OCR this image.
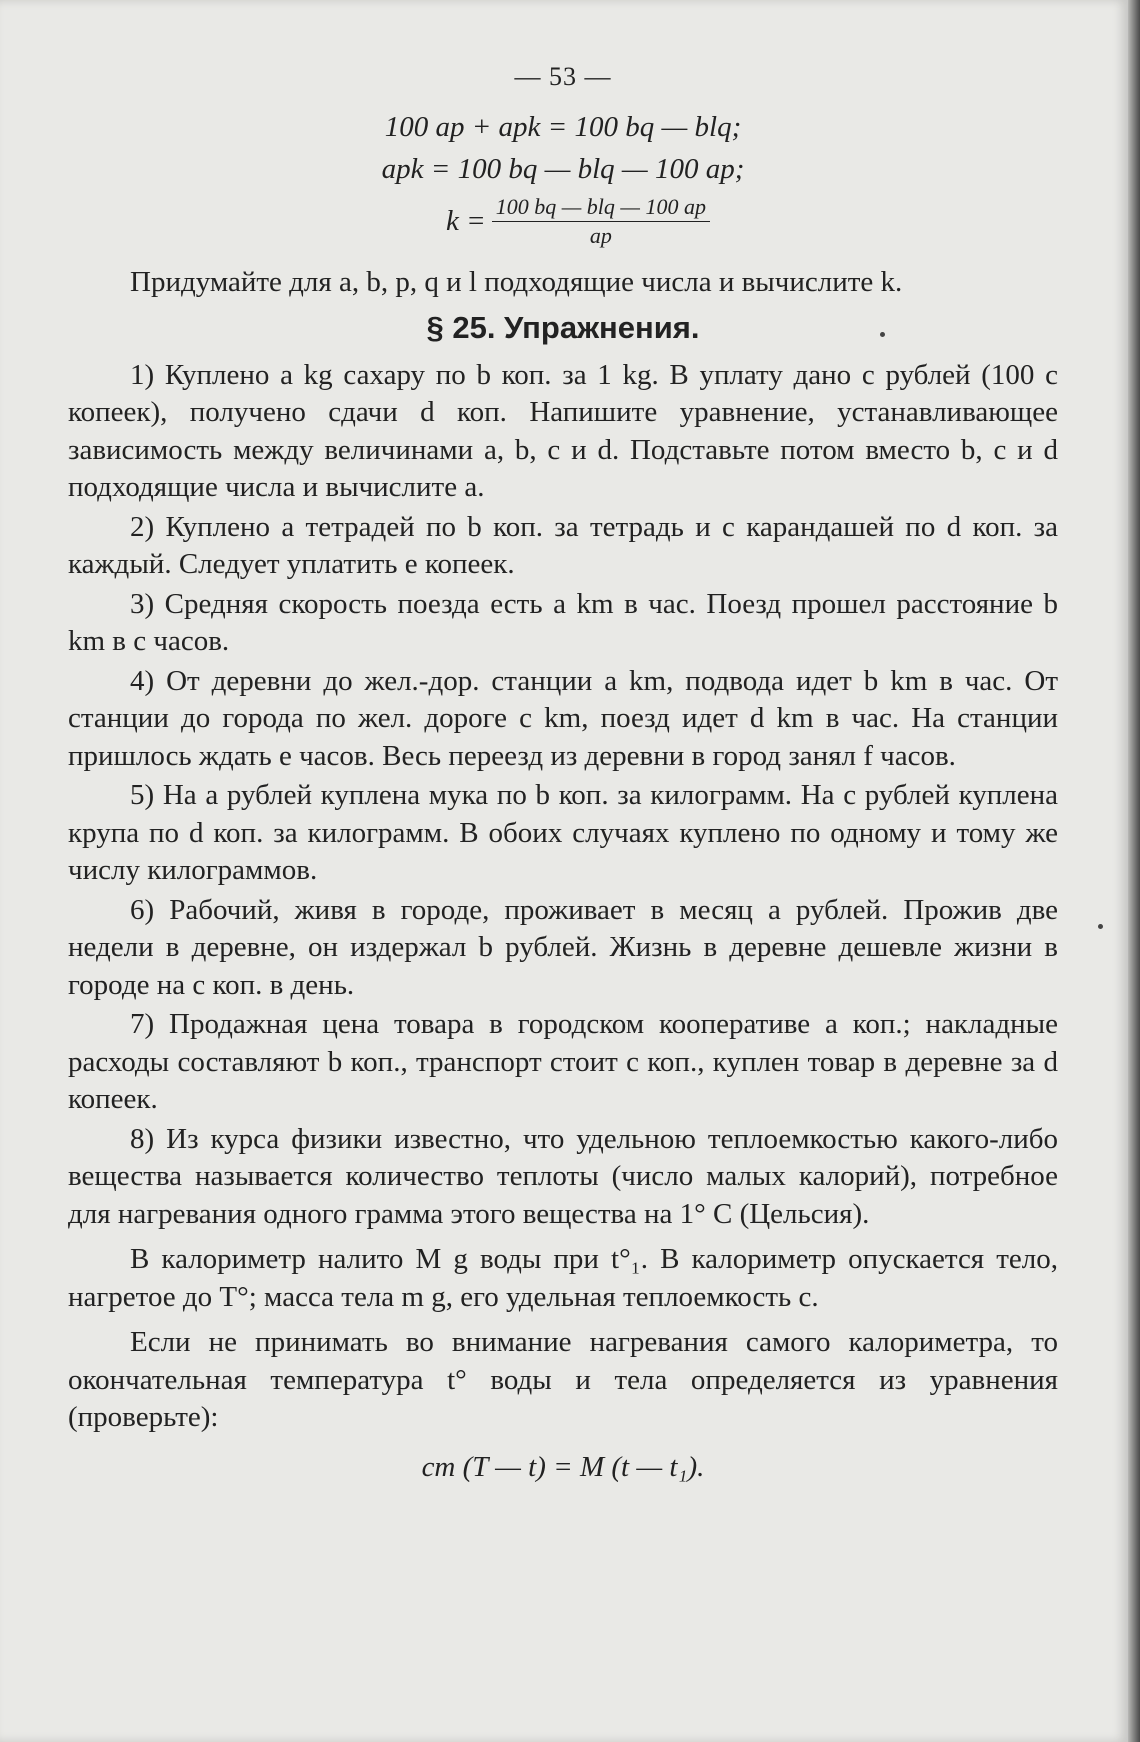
— 53 —
100 ap + apk = 100 bq — blq;
apk = 100 bq — blq — 100 ap;
$k = \frac{\text{100 bq — blq — 100 ap}}{ap}$

Придумайте для a, b, p, q и l подходящие числа и вычислите k.

§ 25. Упражнения.

1) Куплено a kg сахару по b коп. за 1 kg. В уплату дано c рублей (100 c копеек), получено сдачи d коп. Напишите уравнение, устанавливающее зависимость между величинами a, b, c и d. Подставьте потом вместо b, c и d подходящие числа и вычислите a.

2) Куплено a тетрадей по b коп. за тетрадь и c карандашей по d коп. за каждый. Следует уплатить e копеек.

3) Средняя скорость поезда есть a km в час. Поезд прошел расстояние b km в c часов.

4) От деревни до жел.-дор. станции a km, подвода идет b km в час. От станции до города по жел. дороге c km, поезд идет d km в час. На станции пришлось ждать e часов. Весь переезд из деревни в город занял f часов.

5) На a рублей куплена мука по b коп. за килограмм. На c рублей куплена крупа по d коп. за килограмм. В обоих случаях куплено по одному и тому же числу килограммов.

6) Рабочий, живя в городе, проживает в месяц a рублей. Прожив две недели в деревне, он издержал b рублей. Жизнь в деревне дешевле жизни в городе на c коп. в день.

7) Продажная цена товара в городском кооперативе a коп.; накладные расходы составляют b коп., транспорт стоит c коп., куплен товар в деревне за d копеек.

8) Из курса физики известно, что удельною теплоемкостью какого-либо вещества называется количество теплоты (число малых калорий), потребное для нагревания одного грамма этого вещества на 1° C (Цельсия).

В калориметр налито M g воды при t°₁. В калориметр опускается тело, нагретое до T°; масса тела m g, его удельная теплоемкость c.

Если не принимать во внимание нагревания самого калориметра, то окончательная температура t° воды и тела определяется из уравнения (проверьте):

cm (T — t) = M (t — t₁).
